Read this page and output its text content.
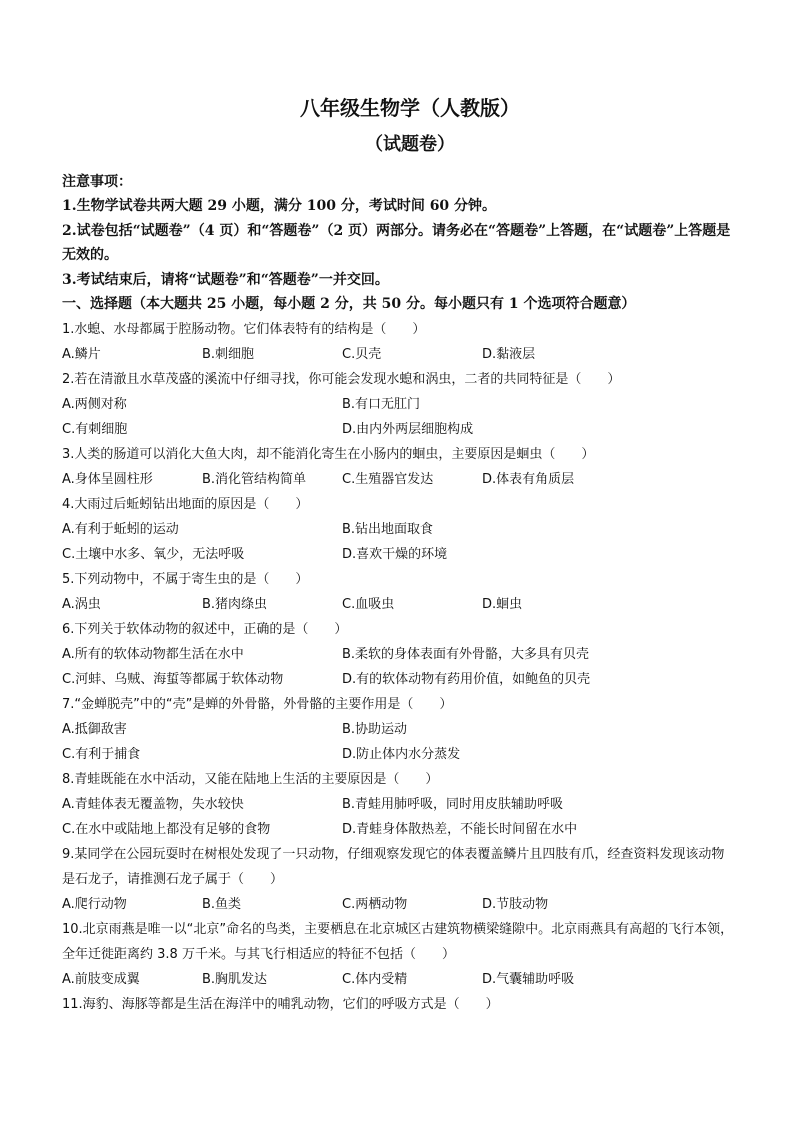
八年级生物学（人教版）
（试题卷）
注意事项：
1.生物学试卷共两大题 29 小题，满分 100 分，考试时间 60 分钟。
2.试卷包括“试题卷”（4 页）和“答题卷”（2 页）两部分。请务必在“答题卷”上答题，在“试题卷”上答题是无效的。
3.考试结束后，请将“试题卷”和“答题卷”一并交回。
一、选择题（本大题共 25 小题，每小题 2 分，共 50 分。每小题只有 1 个选项符合题意）
1.水螅、水母都属于腔肠动物。它们体表特有的结构是（　　）
A.鳞片	B.刺细胞	C.贝壳	D.黏液层
2.若在清澈且水草茂盛的溪流中仔细寻找，你可能会发现水螅和涡虫，二者的共同特征是（　　）
A.两侧对称	B.有口无肛门
C.有刺细胞	D.由内外两层细胞构成
3.人类的肠道可以消化大鱼大肉，却不能消化寄生在小肠内的蛔虫，主要原因是蛔虫（　　）
A.身体呈圆柱形	B.消化管结构简单	C.生殖器官发达	D.体表有角质层
4.大雨过后蚯蚓钻出地面的原因是（　　）
A.有利于蚯蚓的运动	B.钻出地面取食
C.土壤中水多、氧少，无法呼吸	D.喜欢干燥的环境
5.下列动物中，不属于寄生虫的是（　　）
A.涡虫	B.猪肉绦虫	C.血吸虫	D.蛔虫
6.下列关于软体动物的叙述中，正确的是（　　）
A.所有的软体动物都生活在水中	B.柔软的身体表面有外骨骼，大多具有贝壳
C.河蚌、乌贼、海蜇等都属于软体动物	D.有的软体动物有药用价值，如鲍鱼的贝壳
7.“金蝉脱壳”中的“壳”是蝉的外骨骼，外骨骼的主要作用是（　　）
A.抵御敌害	B.协助运动
C.有利于捕食	D.防止体内水分蒸发
8.青蛙既能在水中活动，又能在陆地上生活的主要原因是（　　）
A.青蛙体表无覆盖物，失水较快	B.青蛙用肺呼吸，同时用皮肤辅助呼吸
C.在水中或陆地上都没有足够的食物	D.青蛙身体散热差，不能长时间留在水中
9.某同学在公园玩耍时在树根处发现了一只动物，仔细观察发现它的体表覆盖鳞片且四肢有爪，经查资料发现该动物是石龙子，请推测石龙子属于（　　）
A.爬行动物	B.鱼类	C.两栖动物	D.节肢动物
10.北京雨燕是唯一以“北京”命名的鸟类，主要栖息在北京城区古建筑物横梁缝隙中。北京雨燕具有高超的飞行本领，全年迁徙距离约 3.8 万千米。与其飞行相适应的特征不包括（　　）
A.前肢变成翼	B.胸肌发达	C.体内受精	D.气囊辅助呼吸
11.海豹、海豚等都是生活在海洋中的哺乳动物，它们的呼吸方式是（　　）
